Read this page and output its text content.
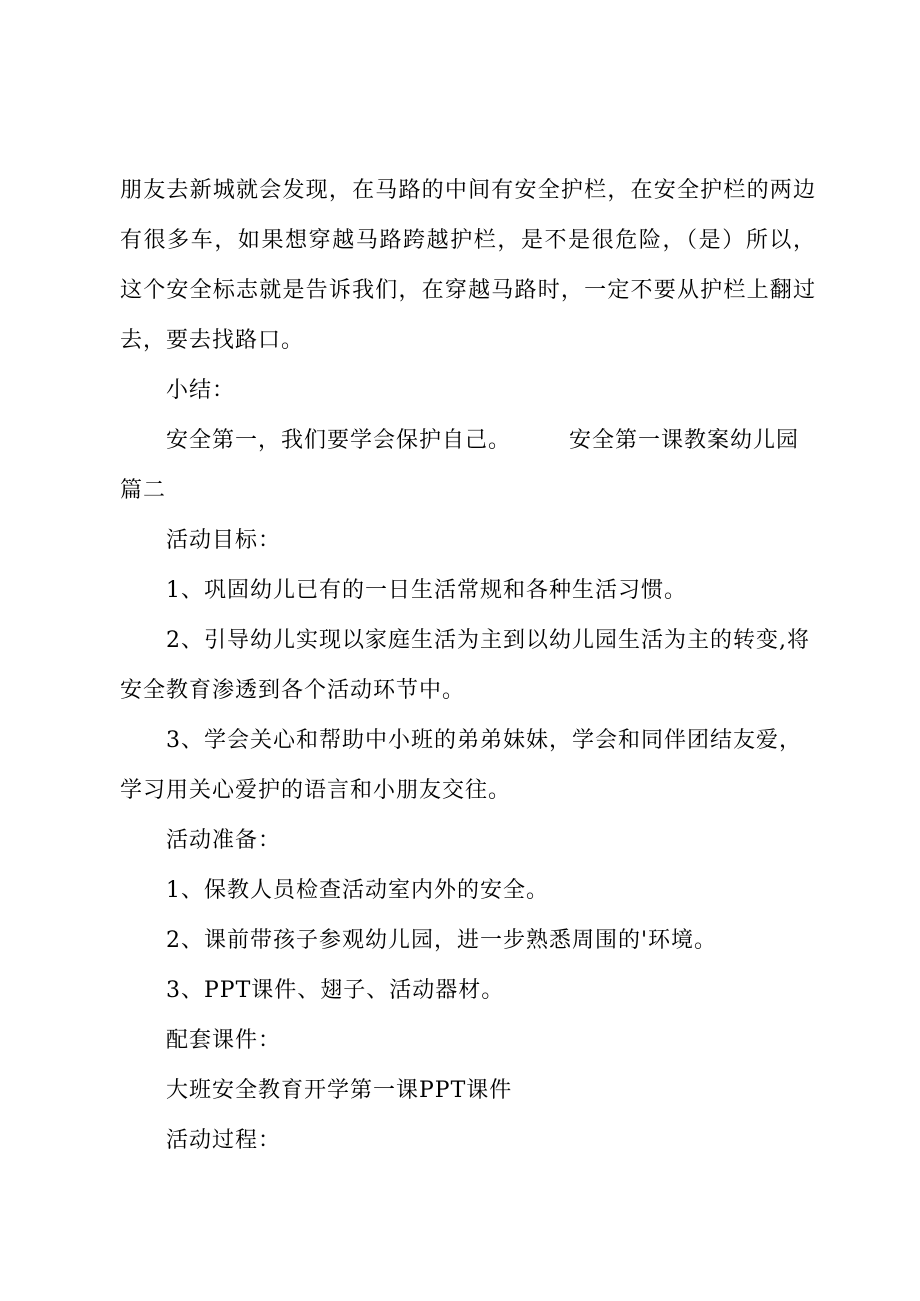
朋友去新城就会发现，在马路的中间有安全护栏，在安全护栏的两边有很多车，如果想穿越马路跨越护栏，是不是很危险，（是）所以，这个安全标志就是告诉我们，在穿越马路时，一定不要从护栏上翻过去，要去找路口。

小结：

安全第一，我们要学会保护自己。　　　安全第一课教案幼儿园篇二

活动目标：

1、巩固幼儿已有的一日生活常规和各种生活习惯。

2、引导幼儿实现以家庭生活为主到以幼儿园生活为主的转变,将安全教育渗透到各个活动环节中。

3、学会关心和帮助中小班的弟弟妹妹，学会和同伴团结友爱，学习用关心爱护的语言和小朋友交往。

活动准备：

1、保教人员检查活动室内外的安全。

2、课前带孩子参观幼儿园，进一步熟悉周围的'环境。

3、PPT课件、翅子、活动器材。

配套课件：

大班安全教育开学第一课PPT课件

活动过程：
